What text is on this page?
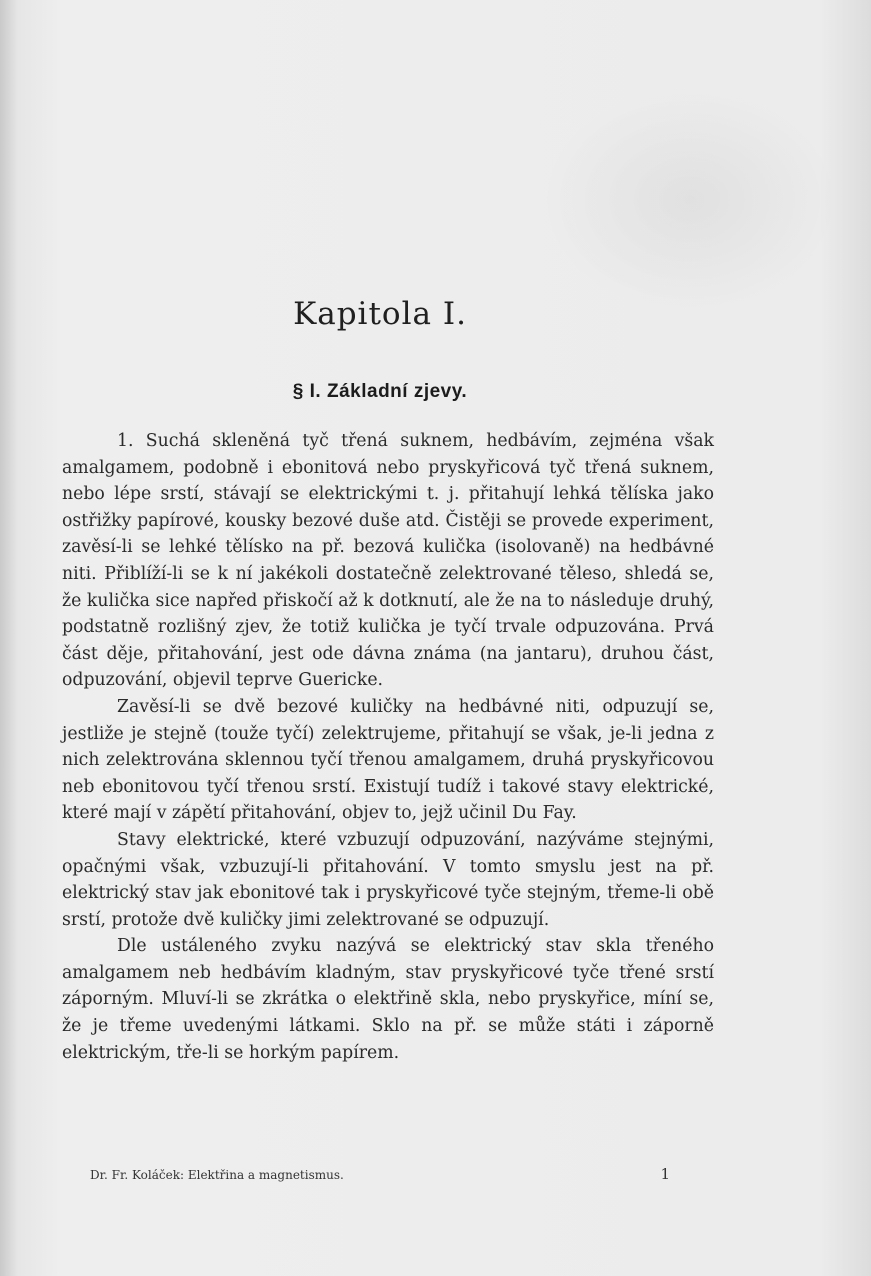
Kapitola I.
§ I. Základní zjevy.

1. Suchá skleněná tyč třená suknem, hedbávím, zejména však amalgamem, podobně i ebonitová nebo pryskyřicová tyč třená suknem, nebo lépe srstí, stávají se elektrickými t. j. přitahují lehká tělíska jako ostřižky papírové, kousky bezové duše atd. Čistěji se provede experiment, zavěsí-li se lehké tělísko na př. bezová kulička (isolovaně) na hedbávné niti. Přiblíží-li se k ní jakékoli dostatečně zelektrované těleso, shledá se, že kulička sice napřed přiskočí až k dotknutí, ale že na to následuje druhý, podstatně rozlišný zjev, že totiž kulička je tyčí trvale odpuzována. Prvá část děje, přitahování, jest ode dávna známa (na jantaru), druhou část, odpuzování, objevil teprve Guericke.

Zavěsí-li se dvě bezové kuličky na hedbávné niti, odpuzují se, jestliže je stejně (touže tyčí) zelektrujeme, přitahují se však, je-li jedna z nich zelektrována sklennou tyčí třenou amalgamem, druhá pryskyřicovou neb ebonitovou tyčí třenou srstí. Existují tudíž i takové stavy elektrické, které mají v zápětí přitahování, objev to, jejž učinil Du Fay.

Stavy elektrické, které vzbuzují odpuzování, nazýváme stejnými, opačnými však, vzbuzují-li přitahování. V tomto smyslu jest na př. elektrický stav jak ebonitové tak i pryskyřicové tyče stejným, třeme-li obě srstí, protože dvě kuličky jimi zelektrované se odpuzují.

Dle ustáleného zvyku nazývá se elektrický stav skla třeného amalgamem neb hedbávím kladným, stav pryskyřicové tyče třené srstí záporným. Mluví-li se zkrátka o elektřině skla, nebo pryskyřice, míní se, že je třeme uvedenými látkami. Sklo na př. se může státi i záporně elektrickým, tře-li se horkým papírem.

Dr. Fr. Koláček: Elektřina a magnetismus.	1
